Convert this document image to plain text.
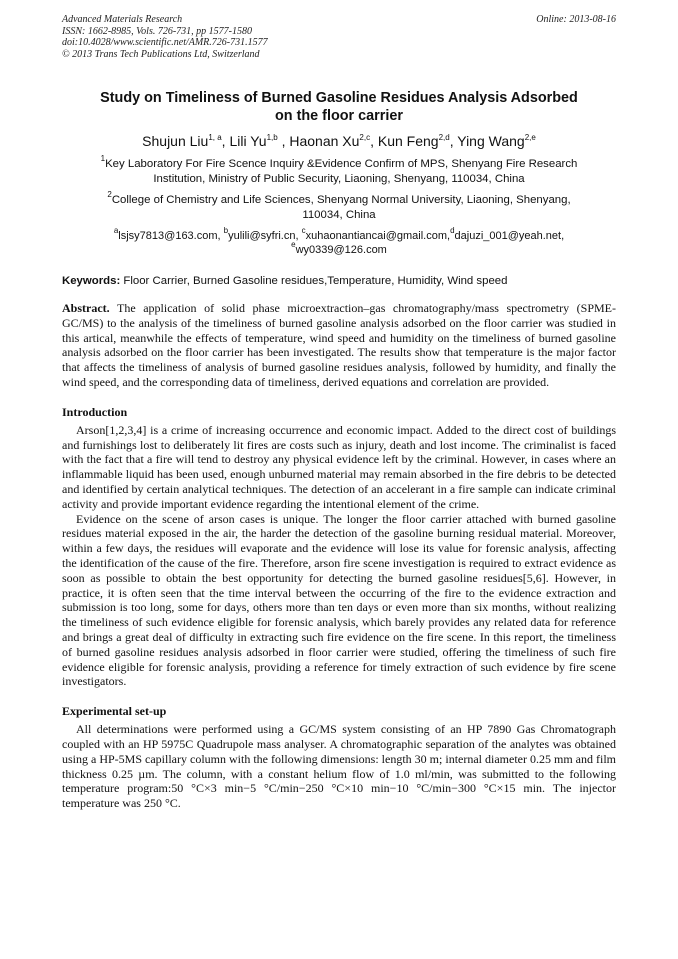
Advanced Materials Research
ISSN: 1662-8985, Vols. 726-731, pp 1577-1580
doi:10.4028/www.scientific.net/AMR.726-731.1577
© 2013 Trans Tech Publications Ltd, Switzerland
Online: 2013-08-16
Study on Timeliness of Burned Gasoline Residues Analysis Adsorbed
on the floor carrier
Shujun Liu$^{1, a}$, Lili Yu$^{1,b}$ , Haonan Xu$^{2,c}$, Kun Feng$^{2,d}$, Ying Wang$^{2,e}$
$^1$Key Laboratory For Fire Scence Inquiry &Evidence Confirm of MPS, Shenyang Fire Research
Institution, Ministry of Public Security, Liaoning, Shenyang, 110034, China
$^2$College of Chemistry and Life Sciences, Shenyang Normal University, Liaoning, Shenyang,
110034, China
$^a$lsjsy7813@163.com, $^b$yulili@syfri.cn, $^c$xuhaonantiancai@gmail.com,$^d$dajuzi_001@yeah.net,
$^e$wy0339@126.com
Keywords: Floor Carrier, Burned Gasoline residues,Temperature, Humidity, Wind speed
Abstract. The application of solid phase microextraction–gas chromatography/mass spectrometry (SPME-GC/MS) to the analysis of the timeliness of burned gasoline analysis adsorbed on the floor carrier was studied in this artical, meanwhile the effects of temperature, wind speed and humidity on the timeliness of burned gasoline analysis adsorbed on the floor carrier has been investigated. The results show that temperature is the major factor that affects the timeliness of analysis of burned gasoline residues analysis, followed by humidity, and finally the wind speed, and the corresponding data of timeliness, derived equations and correlation are provided.
Introduction

Arson[1,2,3,4] is a crime of increasing occurrence and economic impact. Added to the direct cost of buildings and furnishings lost to deliberately lit fires are costs such as injury, death and lost income. The criminalist is faced with the fact that a fire will tend to destroy any physical evidence left by the criminal. However, in cases where an inflammable liquid has been used, enough unburned material may remain absorbed in the fire debris to be detected and identified by certain analytical techniques. The detection of an accelerant in a fire sample can indicate criminal activity and provide important evidence regarding the intentional element of the crime.

Evidence on the scene of arson cases is unique. The longer the floor carrier attached with burned gasoline residues material exposed in the air, the harder the detection of the gasoline burning residual material. Moreover, within a few days, the residues will evaporate and the evidence will lose its value for forensic analysis, affecting the identification of the cause of the fire. Therefore, arson fire scene investigation is required to extract evidence as soon as possible to obtain the best opportunity for detecting the burned gasoline residues[5,6]. However, in practice, it is often seen that the time interval between the occurring of the fire to the evidence extraction and submission is too long, some for days, others more than ten days or even more than six months, without realizing the timeliness of such evidence eligible for forensic analysis, which barely provides any related data for reference and brings a great deal of difficulty in extracting such fire evidence on the fire scene. In this report, the timeliness of burned gasoline residues analysis adsorbed in floor carrier were studied, offering the timeliness of such fire evidence eligible for forensic analysis, providing a reference for timely extraction of such evidence by fire scene investigators.

Experimental set-up

All determinations were performed using a GC/MS system consisting of an HP 7890 Gas Chromatograph coupled with an HP 5975C Quadrupole mass analyser. A chromatographic separation of the analytes was obtained using a HP-5MS capillary column with the following dimensions: length 30 m; internal diameter 0.25 mm and film thickness 0.25 µm. The column, with a constant helium flow of 1.0 ml/min, was submitted to the following temperature program:50 °C×3 min−5 °C/min−250 °C×10 min−10 °C/min−300 °C×15 min. The injector temperature was 250 °C.
